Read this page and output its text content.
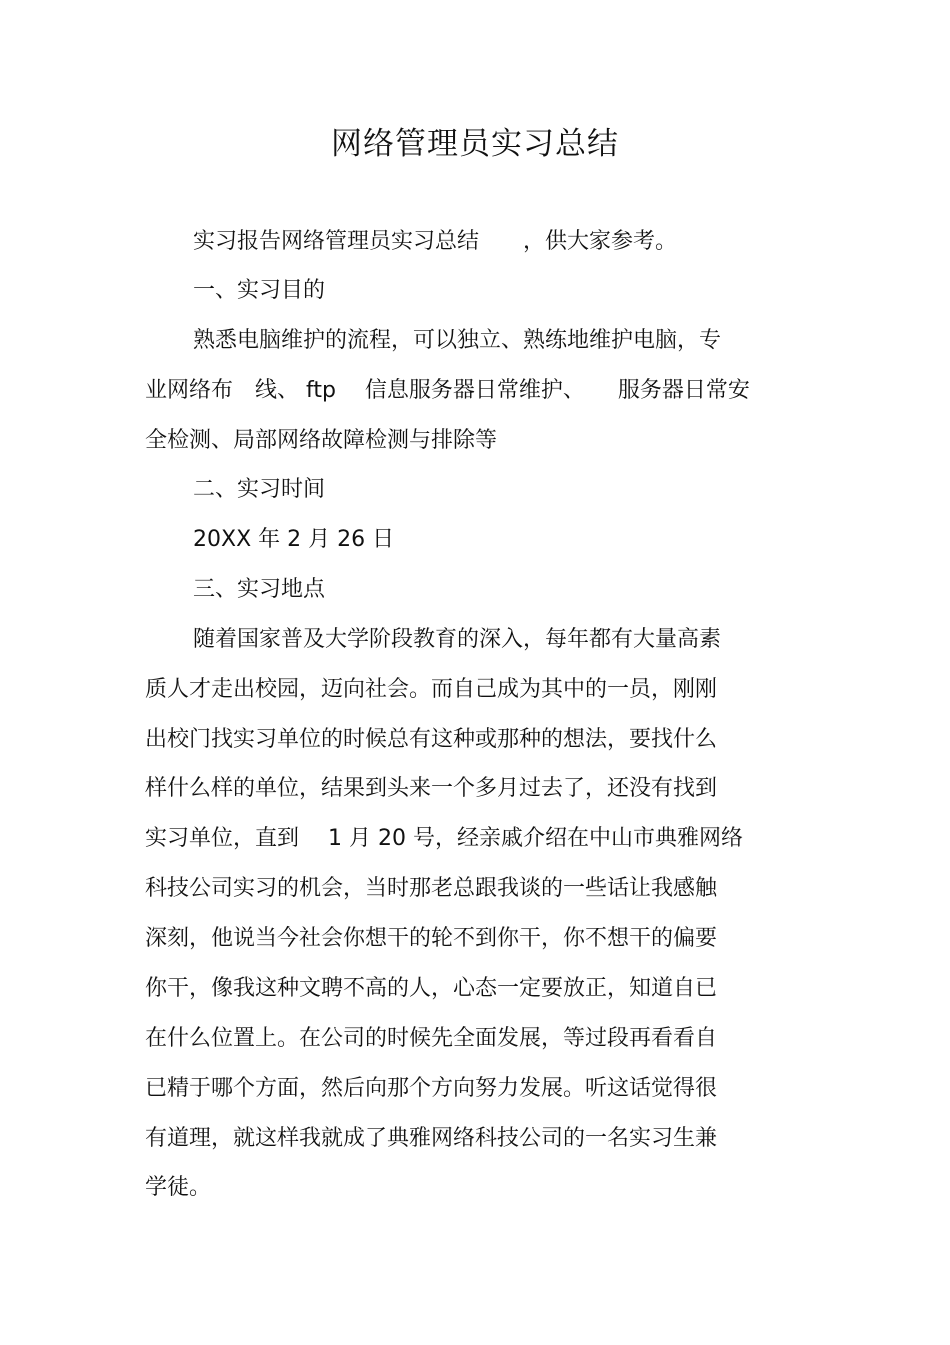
网络管理员实习总结

实习报告网络管理员实习总结　　，供大家参考。

一、实习目的

熟悉电脑维护的流程，可以独立、熟练地维护电脑，专

业网络布　线、 ftp　 信息服务器日常维护、　　服务器日常安

全检测、局部网络故障检测与排除等

二、实习时间

20XX 年 2 月 26 日

三、实习地点

随着国家普及大学阶段教育的深入，每年都有大量高素

质人才走出校园，迈向社会。而自己成为其中的一员，刚刚

出校门找实习单位的时候总有这种或那种的想法，要找什么

样什么样的单位，结果到头来一个多月过去了，还没有找到

实习单位，直到　 1 月 20 号，经亲戚介绍在中山市典雅网络

科技公司实习的机会，当时那老总跟我谈的一些话让我感触

深刻，他说当今社会你想干的轮不到你干，你不想干的偏要

你干，像我这种文聘不高的人，心态一定要放正，知道自已

在什么位置上。在公司的时候先全面发展，等过段再看看自

已精于哪个方面，然后向那个方向努力发展。听这话觉得很

有道理，就这样我就成了典雅网络科技公司的一名实习生兼

学徒。
